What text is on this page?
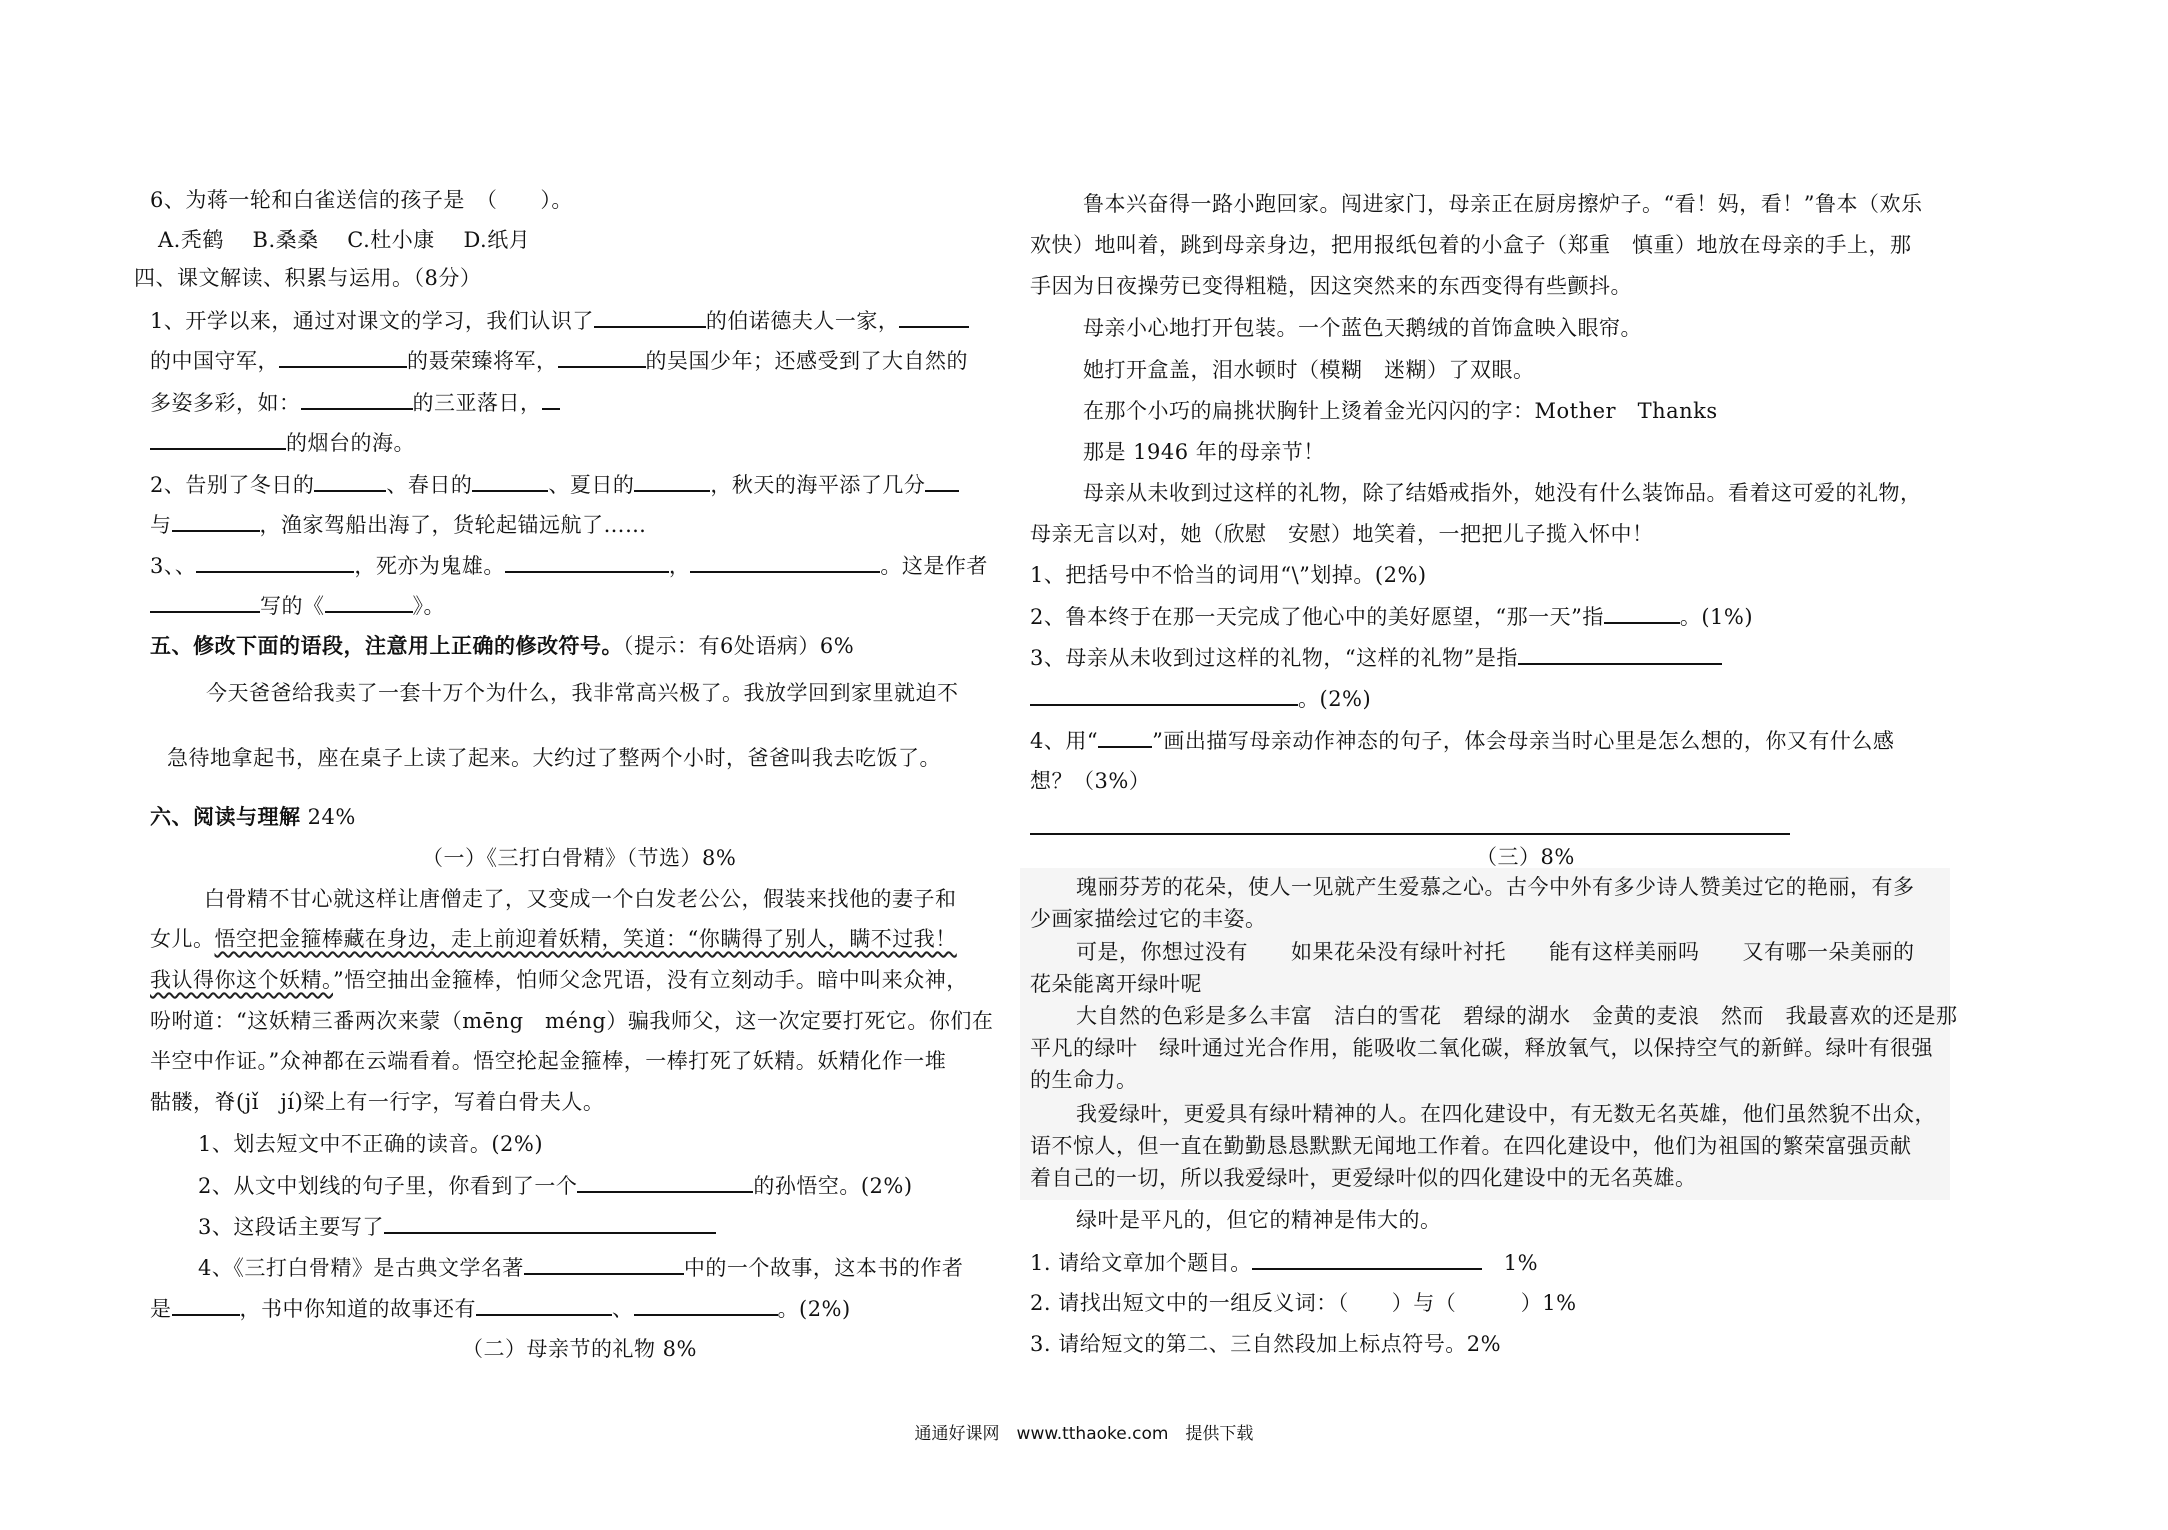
6、为蒋一轮和白雀送信的孩子是　（　　）。
A.秃鹤　 B.桑桑　 C.杜小康　 D.纸月
四、课文解读、积累与运用。（8分）
1、开学以来，通过对课文的学习，我们认识了	的伯诺德夫人一家，
的中国守军，	的聂荣臻将军，	的吴国少年；还感受到了大自然的
多姿多彩，如：	的三亚落日，
的烟台的海。
2、告别了冬日的	、春日的	、夏日的	，秋天的海平添了几分
与	，渔家驾船出海了，货轮起锚远航了……
3、、	，死亦为鬼雄。	，	。这是作者
写的《	》。
五、修改下面的语段，注意用上正确的修改符号。（提示：有6处语病）6%
今天爸爸给我卖了一套十万个为什么，我非常高兴极了。我放学回到家里就迫不
急待地拿起书，座在桌子上读了起来。大约过了整两个小时，爸爸叫我去吃饭了。
六、阅读与理解 24%
（一）《三打白骨精》（节选）8%
白骨精不甘心就这样让唐僧走了，又变成一个白发老公公，假装来找他的妻子和
女儿。悟空把金箍棒藏在身边，走上前迎着妖精，笑道：“你瞒得了别人，瞒不过我！
我认得你这个妖精。”悟空抽出金箍棒，怕师父念咒语，没有立刻动手。暗中叫来众神，
吩咐道：“这妖精三番两次来蒙（mēng　méng）骗我师父，这一次定要打死它。你们在
半空中作证。”众神都在云端看着。悟空抡起金箍棒，一棒打死了妖精。妖精化作一堆
骷髅，脊(jǐ　jí)梁上有一行字，写着白骨夫人。
1、划去短文中不正确的读音。(2%)
2、从文中划线的句子里，你看到了一个	的孙悟空。(2%)
3、这段话主要写了
4、《三打白骨精》是古典文学名著	中的一个故事，这本书的作者
是	，书中你知道的故事还有	、	。(2%)
（二）母亲节的礼物 8%
鲁本兴奋得一路小跑回家。闯进家门，母亲正在厨房擦炉子。“看！妈，看！”鲁本（欢乐
欢快）地叫着，跳到母亲身边，把用报纸包着的小盒子（郑重　慎重）地放在母亲的手上，那
手因为日夜操劳已变得粗糙，因这突然来的东西变得有些颤抖。
母亲小心地打开包装。一个蓝色天鹅绒的首饰盒映入眼帘。
她打开盒盖，泪水顿时（模糊　迷糊）了双眼。
在那个小巧的扁挑状胸针上烫着金光闪闪的字：Mother　Thanks
那是 1946 年的母亲节！
母亲从未收到过这样的礼物，除了结婚戒指外，她没有什么装饰品。看着这可爱的礼物，
母亲无言以对，她（欣慰　安慰）地笑着，一把把儿子揽入怀中！
1、把括号中不恰当的词用“\”划掉。(2%)
2、鲁本终于在那一天完成了他心中的美好愿望，“那一天”指	。(1%)
3、母亲从未收到过这样的礼物，“这样的礼物”是指
。(2%)
4、用“	”画出描写母亲动作神态的句子，体会母亲当时心里是怎么想的，你又有什么感
想？（3%）
（三）8%
瑰丽芬芳的花朵，使人一见就产生爱慕之心。古今中外有多少诗人赞美过它的艳丽，有多
少画家描绘过它的丰姿。
可是，你想过没有　　如果花朵没有绿叶衬托　　能有这样美丽吗　　又有哪一朵美丽的
花朵能离开绿叶呢
大自然的色彩是多么丰富　洁白的雪花　碧绿的湖水　金黄的麦浪　然而　我最喜欢的还是那
平凡的绿叶　绿叶通过光合作用，能吸收二氧化碳，释放氧气，以保持空气的新鲜。绿叶有很强
的生命力。
我爱绿叶，更爱具有绿叶精神的人。在四化建设中，有无数无名英雄，他们虽然貌不出众，
语不惊人，但一直在勤勤恳恳默默无闻地工作着。在四化建设中，他们为祖国的繁荣富强贡献
着自己的一切，所以我爱绿叶，更爱绿叶似的四化建设中的无名英雄。
绿叶是平凡的，但它的精神是伟大的。
1. 请给文章加个题目。	1%
2. 请找出短文中的一组反义词：（　　）与（　　　）1%
3. 请给短文的第二、三自然段加上标点符号。2%
通通好课网　www.tthaoke.com　提供下载
